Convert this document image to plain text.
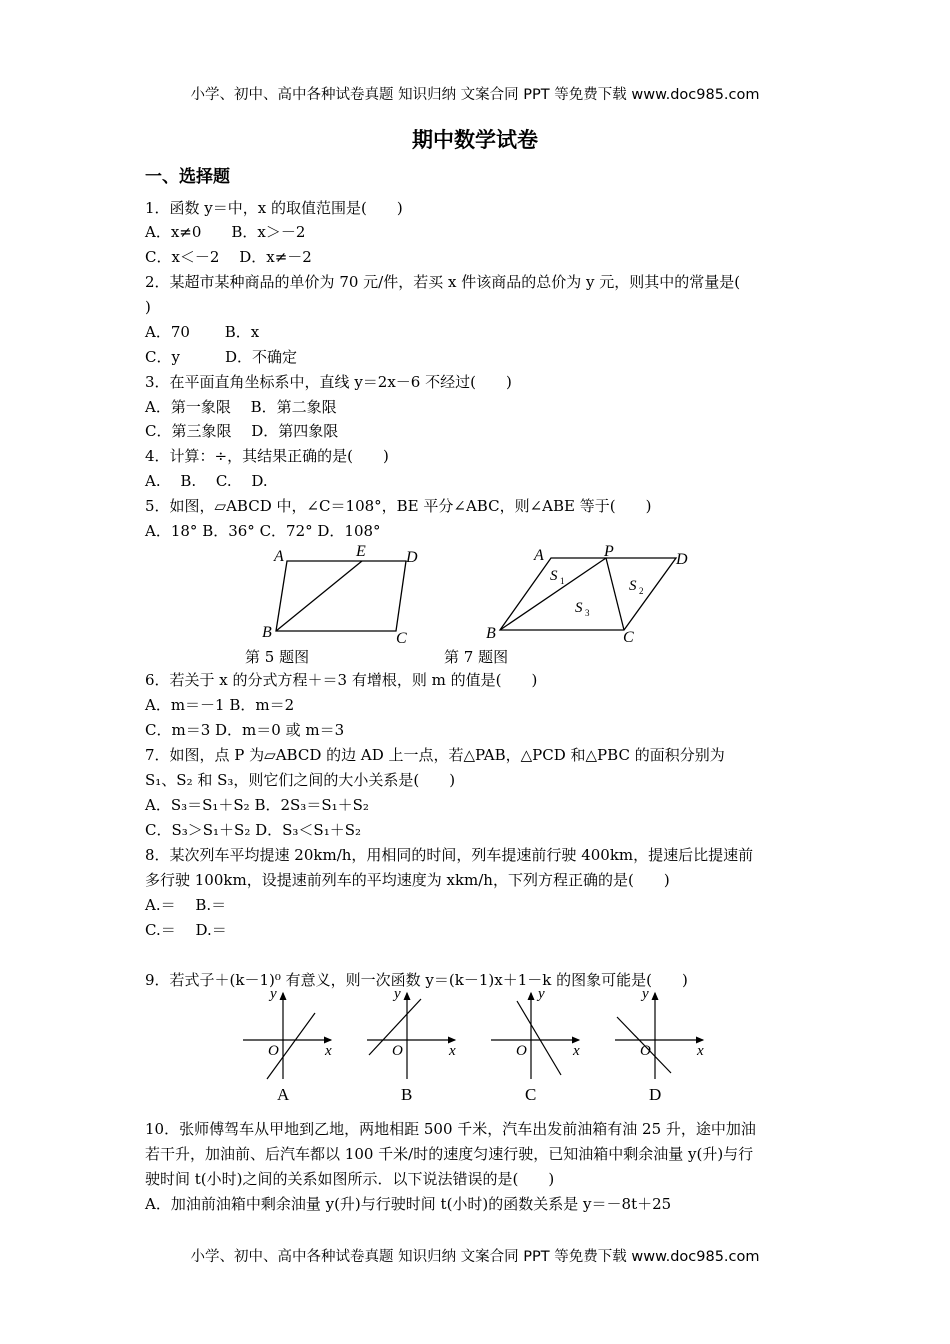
小学、初中、高中各种试卷真题 知识归纳 文案合同 PPT 等免费下载 www.doc985.com
期中数学试卷
一、选择题
1．函数 y＝中，x 的取值范围是(　　)
A．x≠0　　B．x＞－2
C．x＜－2　 D．x≠－2
2．某超市某种商品的单价为 70 元/件，若买 x 件该商品的总价为 y 元，则其中的常量是(
)
A．70　　 B．x
C．y　　　D．不确定
3．在平面直角坐标系中，直线 y＝2x－6 不经过(　　)
A．第一象限　 B．第二象限
C．第三象限　 D．第四象限
4．计算：÷，其结果正确的是(　　)
A.　 B.　 C.　 D.
5．如图，▱ABCD 中，∠C＝108°，BE 平分∠ABC，则∠ABE 等于(　　)
A．18° B．36° C．72° D．108°
A	E	D
B	C
第 5 题图
A	P	D
B	C
S 1	S 2
S 3
第 7 题图
6．若关于 x 的分式方程＋＝3 有增根，则 m 的值是(　　)
A．m＝－1 B．m＝2
C．m＝3 D．m＝0 或 m＝3
7．如图，点 P 为▱ABCD 的边 AD 上一点，若△PAB，△PCD 和△PBC 的面积分别为
S₁、S₂ 和 S₃，则它们之间的大小关系是(　　)
A．S₃＝S₁＋S₂ B．2S₃＝S₁＋S₂
C．S₃＞S₁＋S₂ D．S₃＜S₁＋S₂
8．某次列车平均提速 20km/h，用相同的时间，列车提速前行驶 400km，提速后比提速前
多行驶 100km，设提速前列车的平均速度为 xkm/h，下列方程正确的是(　　)
A.＝　 B.＝
C.＝　 D.＝
9．若式子＋(k－1)⁰ 有意义，则一次函数 y＝(k－1)x＋1－k 的图象可能是(　　)
y
x
O
A
y
x
O
B
y
x
O
C
y
x
O
D
10．张师傅驾车从甲地到乙地，两地相距 500 千米，汽车出发前油箱有油 25 升，途中加油
若干升，加油前、后汽车都以 100 千米/时的速度匀速行驶，已知油箱中剩余油量 y(升)与行
驶时间 t(小时)之间的关系如图所示．以下说法错误的是(　　)
A．加油前油箱中剩余油量 y(升)与行驶时间 t(小时)的函数关系是 y＝－8t＋25
小学、初中、高中各种试卷真题 知识归纳 文案合同 PPT 等免费下载 www.doc985.com
